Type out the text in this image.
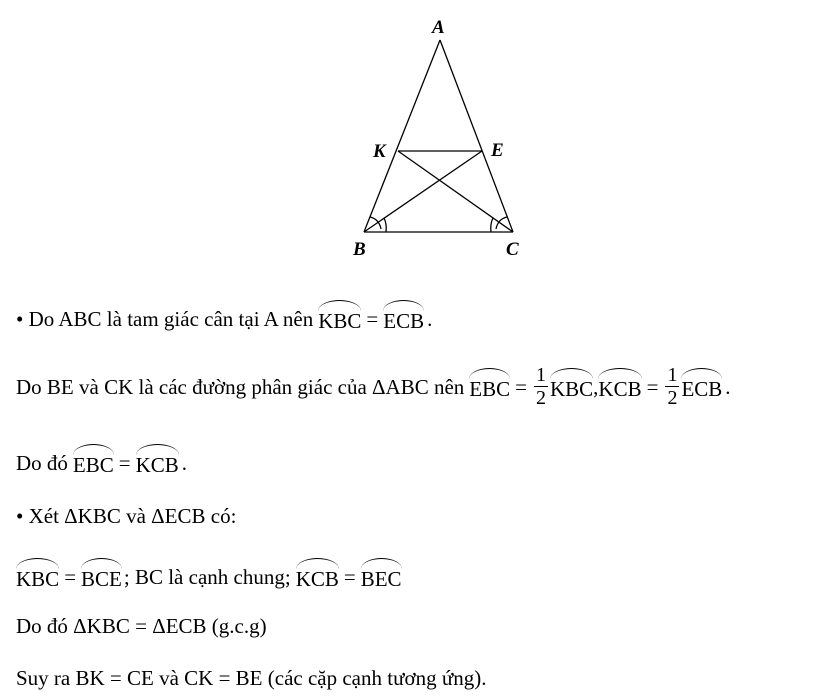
A
B	C
K	E
• Do ABC là tam giác cân tại A nên KBC = ECB .
Do BE và CK là các đường phân giác của ΔABC nên EBC = $\frac{1}{2}$ KBC , KCB = $\frac{1}{2}$ ECB .
Do đó EBC = KCB .
• Xét ΔKBC và ΔECB có:
KBC = BCE ; BC là cạnh chung; KCB = BEC
Do đó ΔKBC = ΔECB (g.c.g)
Suy ra BK = CE và CK = BE (các cặp cạnh tương ứng).
